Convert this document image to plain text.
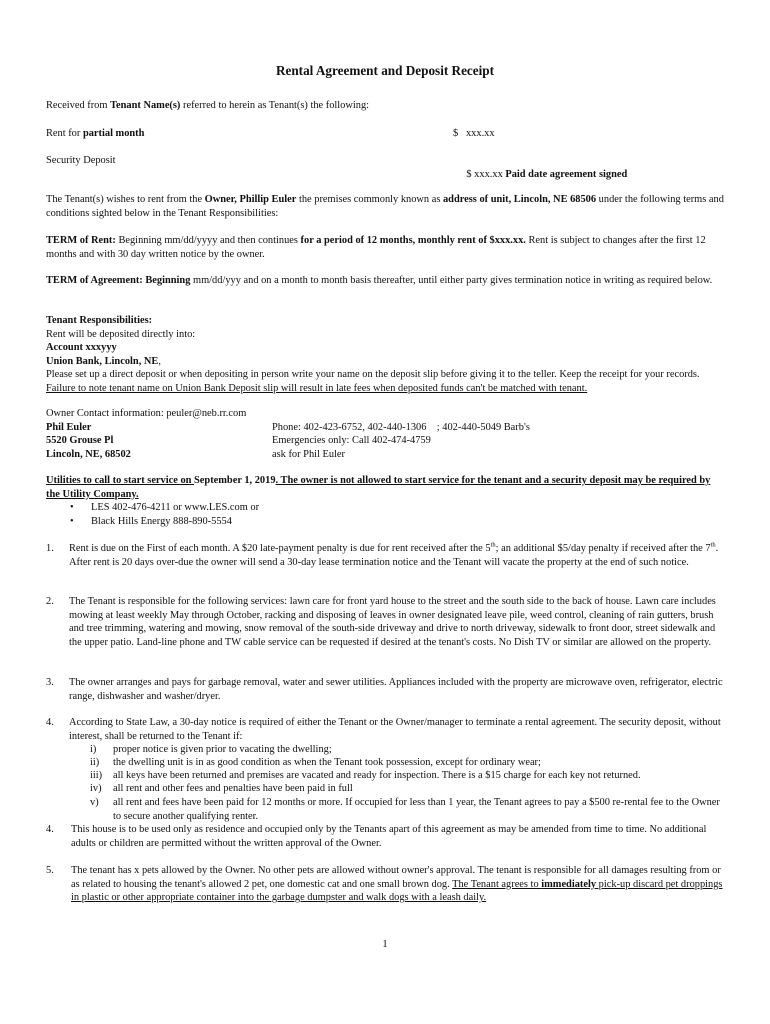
Rental Agreement and Deposit Receipt
Received from Tenant Name(s) referred to herein as Tenant(s) the following:
Rent for partial month	$   xxx.xx
Security Deposit

$ xxx.xx Paid date agreement signed

The Tenant(s) wishes to rent from the Owner, Phillip Euler the premises commonly known as address of unit, Lincoln, NE 68506 under the following terms and conditions sighted below in the Tenant Responsibilities:
TERM of Rent: Beginning mm/dd/yyyy and then continues for a period of 12 months, monthly rent of $xxx.xx. Rent is subject to changes after the first 12 months and with 30 day written notice by the owner.
TERM of Agreement: Beginning mm/dd/yyy and on a month to month basis thereafter, until either party gives termination notice in writing as required below.
Tenant Responsibilities:
Rent will be deposited directly into:
Account xxxyyy
Union Bank, Lincoln, NE,
Please set up a direct deposit or when depositing in person write your name on the deposit slip before giving it to the teller. Keep the receipt for your records. Failure to note tenant name on Union Bank Deposit slip will result in late fees when deposited funds can't be matched with tenant.
Owner Contact information: peuler@neb.rr.com
Phil Euler	Phone: 402-423-6752, 402-440-1306    ; 402-440-5049 Barb's
5520 Grouse Pl	Emergencies only: Call 402-474-4759
Lincoln, NE, 68502	ask for Phil Euler
Utilities to call to start service on September 1, 2019. The owner is not allowed to start service for the tenant and a security deposit may be required by the Utility Company.
• LES 402-476-4211 or www.LES.com or
• Black Hills Energy 888-890-5554
1. Rent is due on the First of each month. A $20 late-payment penalty is due for rent received after the 5th; an additional $5/day penalty if received after the 7th. After rent is 20 days over-due the owner will send a 30-day lease termination notice and the Tenant will vacate the property at the end of such notice.
2. The Tenant is responsible for the following services: lawn care for front yard house to the street and the south side to the back of house. Lawn care includes mowing at least weekly May through October, racking and disposing of leaves in owner designated leave pile, weed control, cleaning of rain gutters, brush and tree trimming, watering and mowing, snow removal of the south-side driveway and drive to north driveway, sidewalk to front door, street sidewalk and the upper patio. Land-line phone and TW cable service can be requested if desired at the tenant's costs. No Dish TV or similar are allowed on the property.
3. The owner arranges and pays for garbage removal, water and sewer utilities. Appliances included with the property are microwave oven, refrigerator, electric range, dishwasher and washer/dryer.
4. According to State Law, a 30-day notice is required of either the Tenant or the Owner/manager to terminate a rental agreement. The security deposit, without interest, shall be returned to the Tenant if:
i)	proper notice is given prior to vacating the dwelling;
ii)	the dwelling unit is in as good condition as when the Tenant took possession, except for ordinary wear;
iii) all keys have been returned and premises are vacated and ready for inspection. There is a $15 charge for each key not returned.
iv) all rent and other fees and penalties have been paid in full
v)	all rent and fees have been paid for 12 months or more. If occupied for less than 1 year, the Tenant agrees to pay a $500 re-rental fee to the Owner to secure another qualifying renter.
4. This house is to be used only as residence and occupied only by the Tenants apart of this agreement as may be amended from time to time. No additional adults or children are permitted without the written approval of the Owner.
5. The tenant has x pets allowed by the Owner. No other pets are allowed without owner's approval. The tenant is responsible for all damages resulting from or as related to housing the tenant's allowed 2 pet, one domestic cat and one small brown dog. The Tenant agrees to immediately pick-up discard pet droppings in plastic or other appropriate container into the garbage dumpster and walk dogs with a leash daily.
1
